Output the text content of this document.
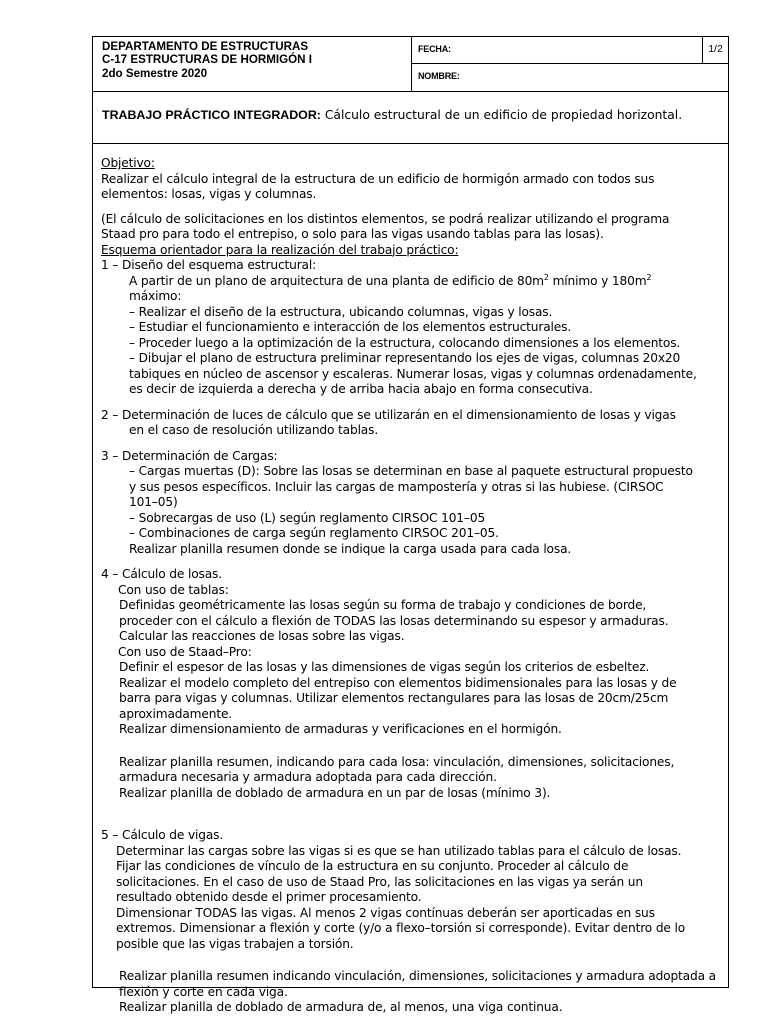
DEPARTAMENTO DE ESTRUCTURAS
C-17 ESTRUCTURAS DE HORMIGÓN I
2do Semestre 2020
FECHA:	1/2
NOMBRE:
TRABAJO PRÁCTICO INTEGRADOR: Cálculo estructural de un edificio de propiedad horizontal.

Objetivo:

Realizar el cálculo integral de la estructura de un edificio de hormigón armado con todos sus

elementos: losas, vigas y columnas.

(El cálculo de solicitaciones en los distintos elementos, se podrá realizar utilizando el programa

Staad pro para todo el entrepiso, o solo para las vigas usando tablas para las losas).

Esquema orientador para la realización del trabajo práctico:

1 – Diseño del esquema estructural:

A partir de un plano de arquitectura de una planta de edificio de $80m^2$ mínimo y $180m^2$

máximo:

– Realizar el diseño de la estructura, ubicando columnas, vigas y losas.

– Estudiar el funcionamiento e interacción de los elementos estructurales.

– Proceder luego a la optimización de la estructura, colocando dimensiones a los elementos.

– Dibujar el plano de estructura preliminar representando los ejes de vigas, columnas 20x20

tabiques en núcleo de ascensor y escaleras. Numerar losas, vigas y columnas ordenadamente,

es decir de izquierda a derecha y de arriba hacia abajo en forma consecutiva.

2 – Determinación de luces de cálculo que se utilizarán en el dimensionamiento de losas y vigas

en el caso de resolución utilizando tablas.

3 – Determinación de Cargas:

– Cargas muertas (D): Sobre las losas se determinan en base al paquete estructural propuesto

y sus pesos específicos. Incluir las cargas de mampostería y otras si las hubiese. (CIRSOC

101–05)

– Sobrecargas de uso (L) según reglamento CIRSOC 101–05

– Combinaciones de carga según reglamento CIRSOC 201–05.

Realizar planilla resumen donde se indique la carga usada para cada losa.

4 – Cálculo de losas.

Con uso de tablas:

Definidas geométricamente las losas según su forma de trabajo y condiciones de borde,

proceder con el cálculo a flexión de TODAS las losas determinando su espesor y armaduras.

Calcular las reacciones de losas sobre las vigas.

Con uso de Staad–Pro:

Definir el espesor de las losas y las dimensiones de vigas según los criterios de esbeltez.

Realizar el modelo completo del entrepiso con elementos bidimensionales para las losas y de

barra para vigas y columnas. Utilizar elementos rectangulares para las losas de 20cm/25cm

aproximadamente.

Realizar dimensionamiento de armaduras y verificaciones en el hormigón.

Realizar planilla resumen, indicando para cada losa: vinculación, dimensiones, solicitaciones,

armadura necesaria y armadura adoptada para cada dirección.

Realizar planilla de doblado de armadura en un par de losas (mínimo 3).

5 – Cálculo de vigas.

Determinar las cargas sobre las vigas si es que se han utilizado tablas para el cálculo de losas.

Fijar las condiciones de vínculo de la estructura en su conjunto. Proceder al cálculo de

solicitaciones. En el caso de uso de Staad Pro, las solicitaciones en las vigas ya serán un

resultado obtenido desde el primer procesamiento.

Dimensionar TODAS las vigas. Al menos 2 vigas contínuas deberán ser aporticadas en sus

extremos. Dimensionar a flexión y corte (y/o a flexo–torsión si corresponde). Evitar dentro de lo

posible que las vigas trabajen a torsión.

Realizar planilla resumen indicando vinculación, dimensiones, solicitaciones y armadura adoptada a

flexión y corte en cada viga.

Realizar planilla de doblado de armadura de, al menos, una viga continua.
